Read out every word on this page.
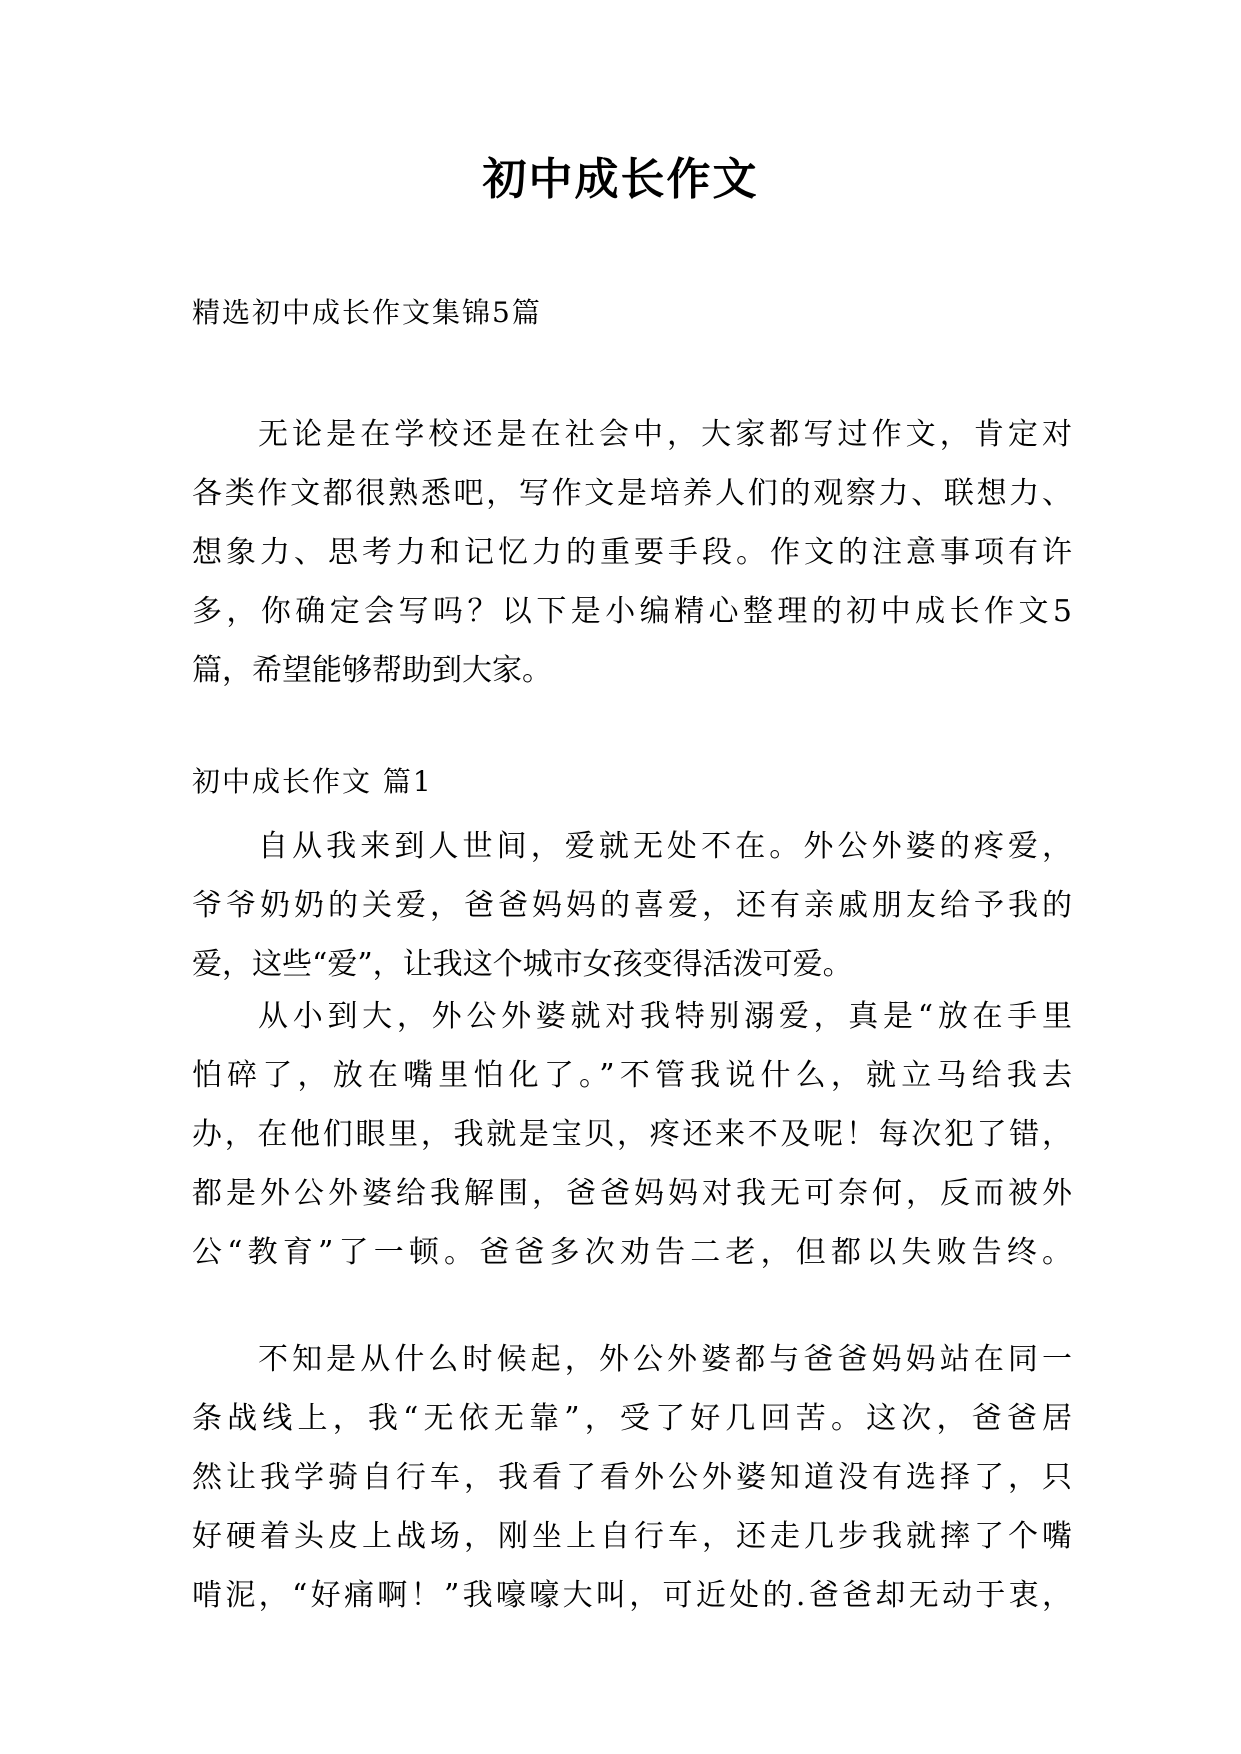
初中成长作文

精选初中成长作文集锦5篇

无论是在学校还是在社会中，大家都写过作文，肯定对
各类作文都很熟悉吧，写作文是培养人们的观察力、联想力、
想象力、思考力和记忆力的重要手段。作文的注意事项有许
多，你确定会写吗？以下是小编精心整理的初中成长作文5
篇，希望能够帮助到大家。

初中成长作文 篇1

自从我来到人世间，爱就无处不在。外公外婆的疼爱，
爷爷奶奶的关爱，爸爸妈妈的喜爱，还有亲戚朋友给予我的
爱，这些“爱”，让我这个城市女孩变得活泼可爱。
从小到大，外公外婆就对我特别溺爱，真是“放在手里
怕碎了，放在嘴里怕化了。”不管我说什么，就立马给我去
办，在他们眼里，我就是宝贝，疼还来不及呢！每次犯了错，
都是外公外婆给我解围，爸爸妈妈对我无可奈何，反而被外
公“教育”了一顿。爸爸多次劝告二老，但都以失败告终。
不知是从什么时候起，外公外婆都与爸爸妈妈站在同一
条战线上，我“无依无靠”，受了好几回苦。这次，爸爸居
然让我学骑自行车，我看了看外公外婆知道没有选择了，只
好硬着头皮上战场，刚坐上自行车，还走几步我就摔了个嘴
啃泥，“好痛啊！”我嚎嚎大叫，可近处的.爸爸却无动于衷，
